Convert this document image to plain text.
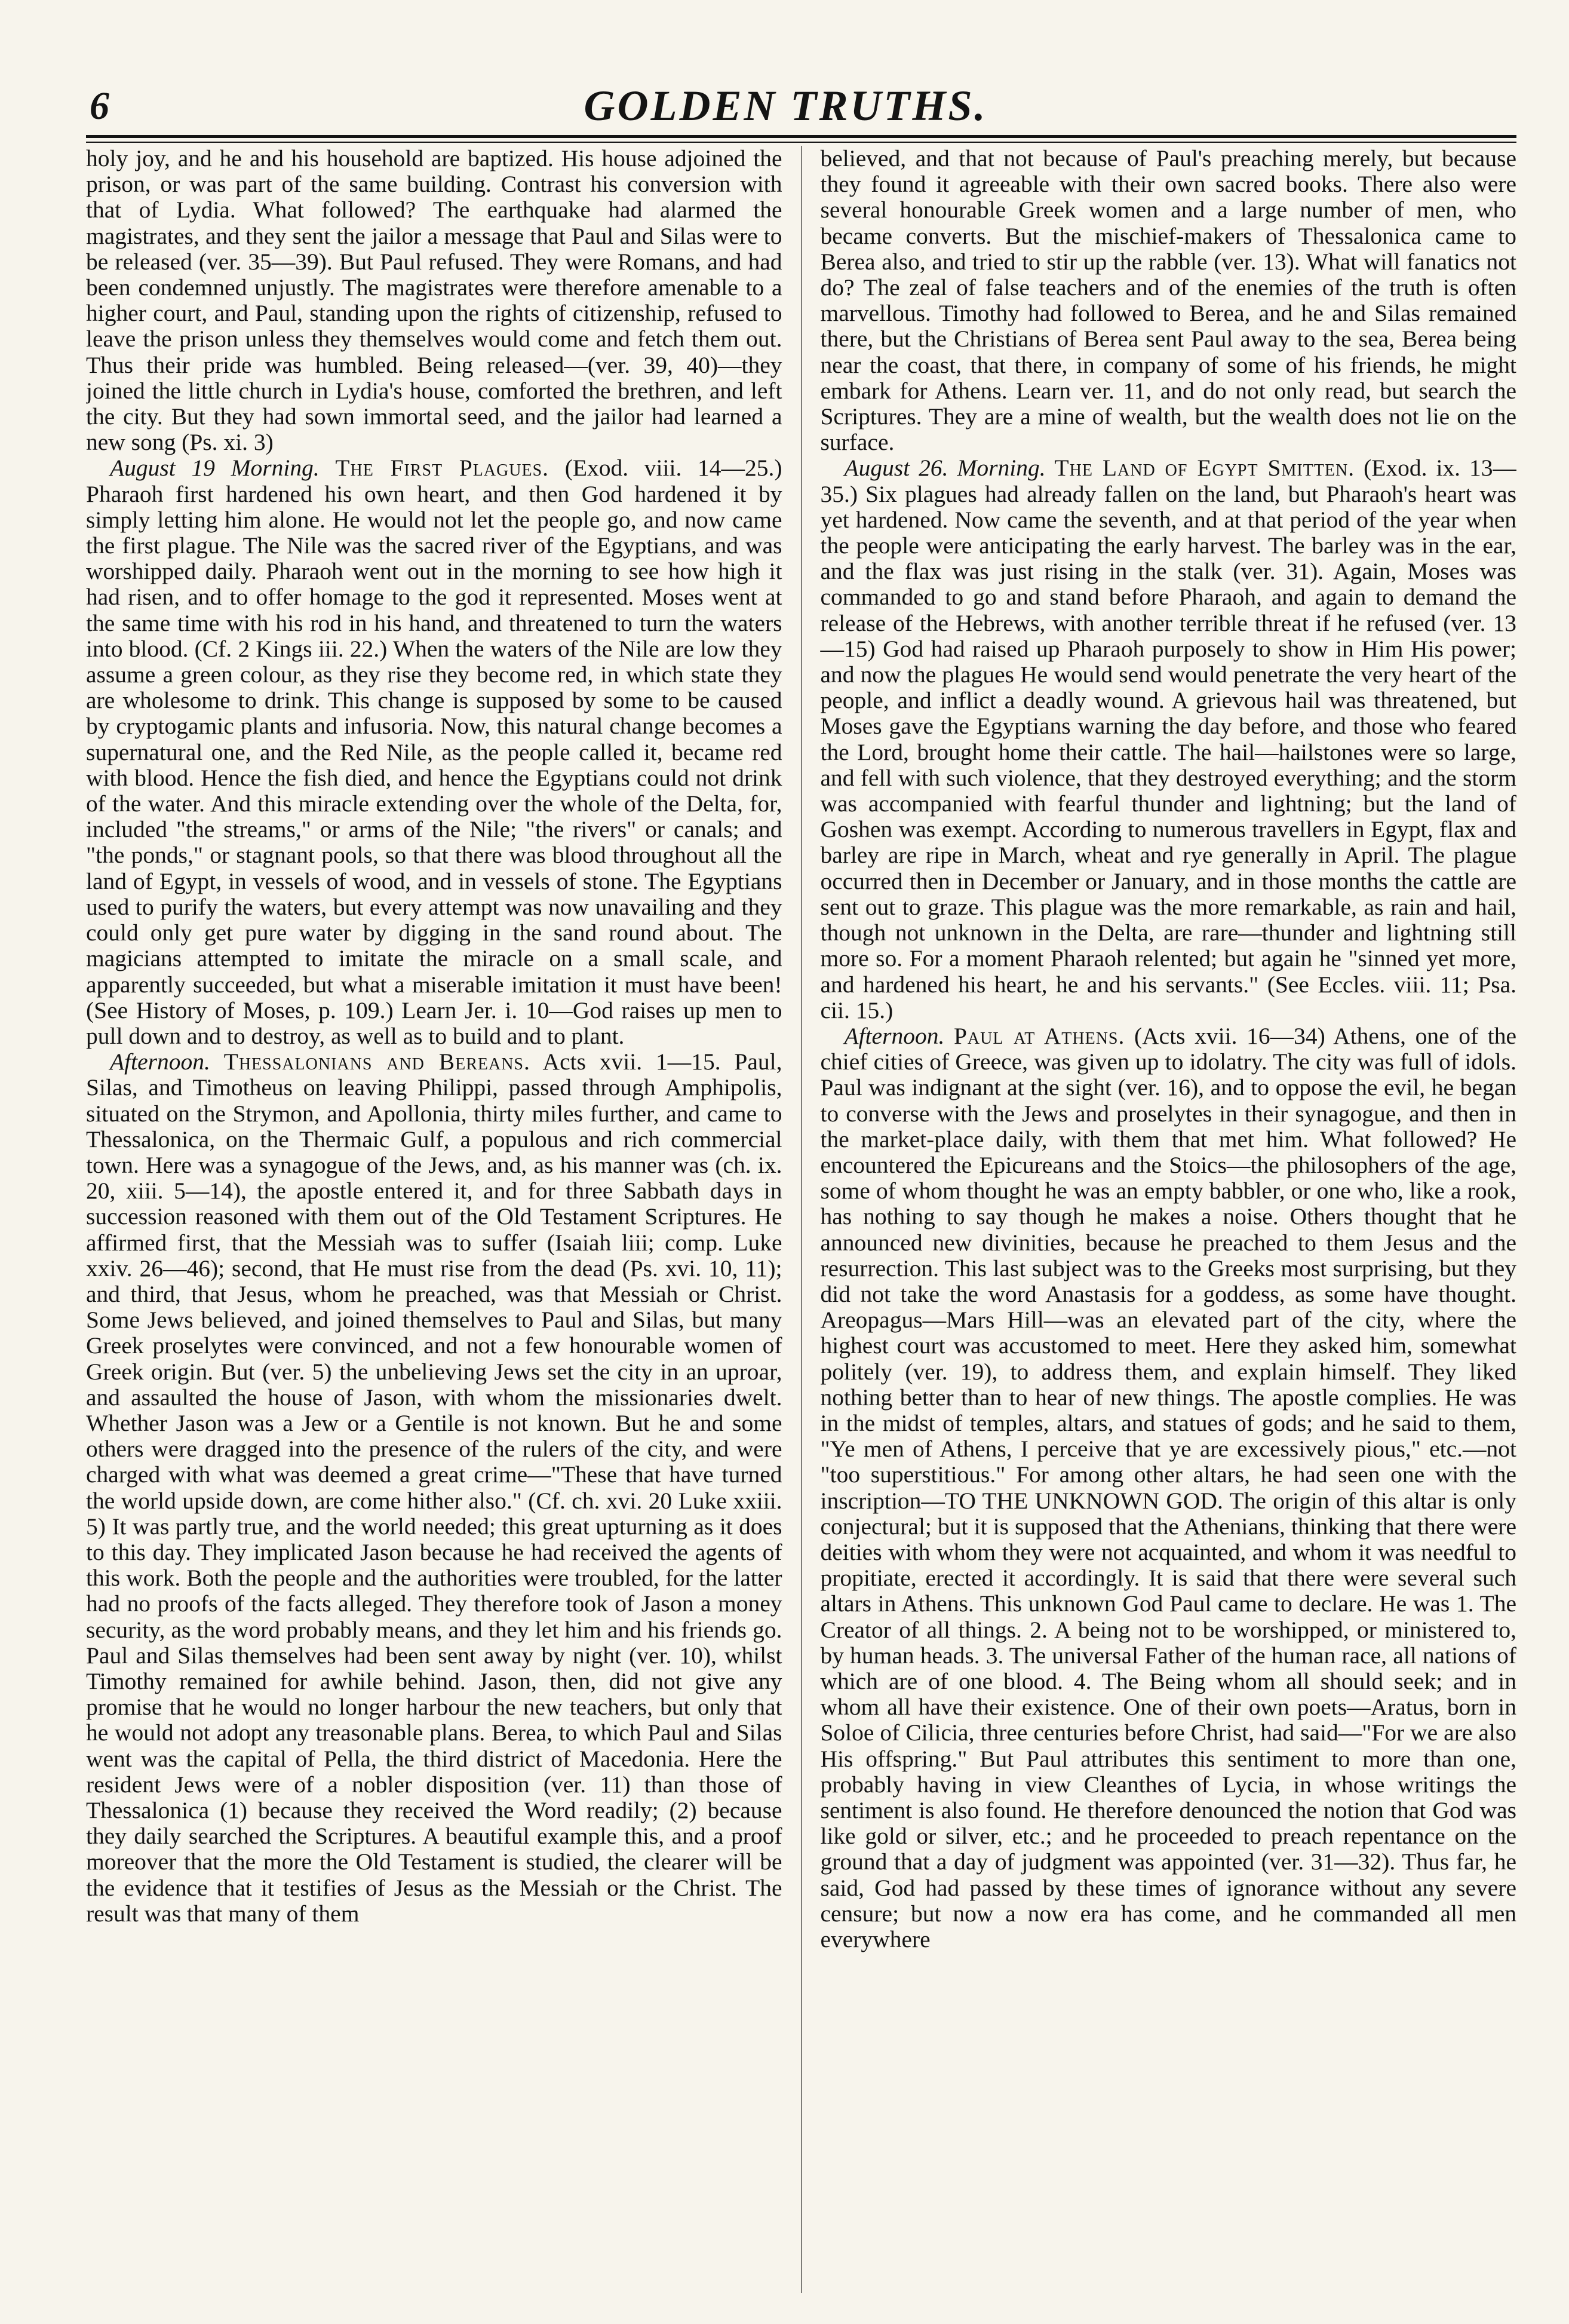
6	GOLDEN TRUTHS.

holy joy, and he and his household are baptized. His house adjoined the prison, or was part of the same building. Contrast his conversion with that of Lydia. What followed? The earthquake had alarmed the magistrates, and they sent the jailor a message that Paul and Silas were to be released (ver. 35—39). But Paul refused. They were Romans, and had been condemned unjustly. The magistrates were therefore amenable to a higher court, and Paul, standing upon the rights of citizenship, refused to leave the prison unless they themselves would come and fetch them out. Thus their pride was humbled. Being released—(ver. 39, 40)—they joined the little church in Lydia's house, comforted the brethren, and left the city. But they had sown immortal seed, and the jailor had learned a new song (Ps. xi. 3)

August 19 Morning. The First Plagues. (Exod. viii. 14—25.) Pharaoh first hardened his own heart, and then God hardened it by simply letting him alone. He would not let the people go, and now came the first plague. The Nile was the sacred river of the Egyptians, and was worshipped daily. Pharaoh went out in the morning to see how high it had risen, and to offer homage to the god it represented. Moses went at the same time with his rod in his hand, and threatened to turn the waters into blood. (Cf. 2 Kings iii. 22.) When the waters of the Nile are low they assume a green colour, as they rise they become red, in which state they are wholesome to drink. This change is supposed by some to be caused by cryptogamic plants and infusoria. Now, this natural change becomes a supernatural one, and the Red Nile, as the people called it, became red with blood. Hence the fish died, and hence the Egyptians could not drink of the water. And this miracle extending over the whole of the Delta, for, included "the streams," or arms of the Nile; "the rivers" or canals; and "the ponds," or stagnant pools, so that there was blood throughout all the land of Egypt, in vessels of wood, and in vessels of stone. The Egyptians used to purify the waters, but every attempt was now unavailing and they could only get pure water by digging in the sand round about. The magicians attempted to imitate the miracle on a small scale, and apparently succeeded, but what a miserable imitation it must have been! (See History of Moses, p. 109.) Learn Jer. i. 10—God raises up men to pull down and to destroy, as well as to build and to plant.

Afternoon. Thessalonians and Bereans. Acts xvii. 1—15. Paul, Silas, and Timotheus on leaving Philippi, passed through Amphipolis, situated on the Strymon, and Apollonia, thirty miles further, and came to Thessalonica, on the Thermaic Gulf, a populous and rich commercial town. Here was a synagogue of the Jews, and, as his manner was (ch. ix. 20, xiii. 5—14), the apostle entered it, and for three Sabbath days in succession reasoned with them out of the Old Testament Scriptures. He affirmed first, that the Messiah was to suffer (Isaiah liii; comp. Luke xxiv. 26—46); second, that He must rise from the dead (Ps. xvi. 10, 11); and third, that Jesus, whom he preached, was that Messiah or Christ. Some Jews believed, and joined themselves to Paul and Silas, but many Greek proselytes were convinced, and not a few honourable women of Greek origin. But (ver. 5) the unbelieving Jews set the city in an uproar, and assaulted the house of Jason, with whom the missionaries dwelt. Whether Jason was a Jew or a Gentile is not known. But he and some others were dragged into the presence of the rulers of the city, and were charged with what was deemed a great crime—"These that have turned the world upside down, are come hither also." (Cf. ch. xvi. 20 Luke xxiii. 5) It was partly true, and the world needed; this great upturning as it does to this day. They implicated Jason because he had received the agents of this work. Both the people and the authorities were troubled, for the latter had no proofs of the facts alleged. They therefore took of Jason a money security, as the word probably means, and they let him and his friends go. Paul and Silas themselves had been sent away by night (ver. 10), whilst Timothy remained for awhile behind. Jason, then, did not give any promise that he would no longer harbour the new teachers, but only that he would not adopt any treasonable plans. Berea, to which Paul and Silas went was the capital of Pella, the third district of Macedonia. Here the resident Jews were of a nobler disposition (ver. 11) than those of Thessalonica (1) because they received the Word readily; (2) because they daily searched the Scriptures. A beautiful example this, and a proof moreover that the more the Old Testament is studied, the clearer will be the evidence that it testifies of Jesus as the Messiah or the Christ. The result was that many of them

believed, and that not because of Paul's preaching merely, but because they found it agreeable with their own sacred books. There also were several honourable Greek women and a large number of men, who became converts. But the mischief-makers of Thessalonica came to Berea also, and tried to stir up the rabble (ver. 13). What will fanatics not do? The zeal of false teachers and of the enemies of the truth is often marvellous. Timothy had followed to Berea, and he and Silas remained there, but the Christians of Berea sent Paul away to the sea, Berea being near the coast, that there, in company of some of his friends, he might embark for Athens. Learn ver. 11, and do not only read, but search the Scriptures. They are a mine of wealth, but the wealth does not lie on the surface.

August 26. Morning. The Land of Egypt Smitten. (Exod. ix. 13—35.) Six plagues had already fallen on the land, but Pharaoh's heart was yet hardened. Now came the seventh, and at that period of the year when the people were anticipating the early harvest. The barley was in the ear, and the flax was just rising in the stalk (ver. 31). Again, Moses was commanded to go and stand before Pharaoh, and again to demand the release of the Hebrews, with another terrible threat if he refused (ver. 13—15) God had raised up Pharaoh purposely to show in Him His power; and now the plagues He would send would penetrate the very heart of the people, and inflict a deadly wound. A grievous hail was threatened, but Moses gave the Egyptians warning the day before, and those who feared the Lord, brought home their cattle. The hail—hailstones were so large, and fell with such violence, that they destroyed everything; and the storm was accompanied with fearful thunder and lightning; but the land of Goshen was exempt. According to numerous travellers in Egypt, flax and barley are ripe in March, wheat and rye generally in April. The plague occurred then in December or January, and in those months the cattle are sent out to graze. This plague was the more remarkable, as rain and hail, though not unknown in the Delta, are rare—thunder and lightning still more so. For a moment Pharaoh relented; but again he "sinned yet more, and hardened his heart, he and his servants." (See Eccles. viii. 11; Psa. cii. 15.)

Afternoon. Paul at Athens. (Acts xvii. 16—34) Athens, one of the chief cities of Greece, was given up to idolatry. The city was full of idols. Paul was indignant at the sight (ver. 16), and to oppose the evil, he began to converse with the Jews and proselytes in their synagogue, and then in the market-place daily, with them that met him. What followed? He encountered the Epicureans and the Stoics—the philosophers of the age, some of whom thought he was an empty babbler, or one who, like a rook, has nothing to say though he makes a noise. Others thought that he announced new divinities, because he preached to them Jesus and the resurrection. This last subject was to the Greeks most surprising, but they did not take the word Anastasis for a goddess, as some have thought. Areopagus—Mars Hill—was an elevated part of the city, where the highest court was accustomed to meet. Here they asked him, somewhat politely (ver. 19), to address them, and explain himself. They liked nothing better than to hear of new things. The apostle complies. He was in the midst of temples, altars, and statues of gods; and he said to them, "Ye men of Athens, I perceive that ye are excessively pious," etc.—not "too superstitious." For among other altars, he had seen one with the inscription—TO THE UNKNOWN GOD. The origin of this altar is only conjectural; but it is supposed that the Athenians, thinking that there were deities with whom they were not acquainted, and whom it was needful to propitiate, erected it accordingly. It is said that there were several such altars in Athens. This unknown God Paul came to declare. He was 1. The Creator of all things. 2. A being not to be worshipped, or ministered to, by human heads. 3. The universal Father of the human race, all nations of which are of one blood. 4. The Being whom all should seek; and in whom all have their existence. One of their own poets—Aratus, born in Soloe of Cilicia, three centuries before Christ, had said—"For we are also His offspring." But Paul attributes this sentiment to more than one, probably having in view Cleanthes of Lycia, in whose writings the sentiment is also found. He therefore denounced the notion that God was like gold or silver, etc.; and he proceeded to preach repentance on the ground that a day of judgment was appointed (ver. 31—32). Thus far, he said, God had passed by these times of ignorance without any severe censure; but now a now era has come, and he commanded all men everywhere
